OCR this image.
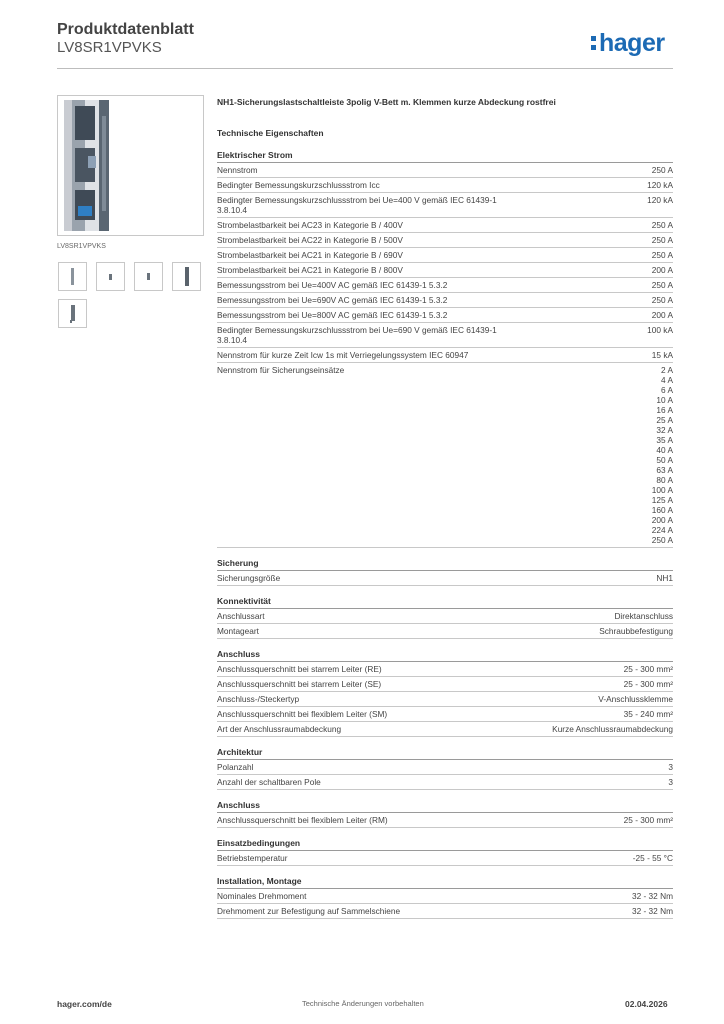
Produktdatenblatt
LV8SR1VPVKS	hager
LV8SR1VPVKS
NH1-Sicherungslastschaltleiste 3polig V-Bett m. Klemmen kurze Abdeckung rostfrei
Technische Eigenschaften
Elektrischer Strom
Nennstrom	250 A
Bedingter Bemessungskurzschlussstrom Icc	120 kA
Bedingter Bemessungskurzschlussstrom bei Ue=400 V gemäß IEC 61439-1 3.8.10.4
120 kA
Strombelastbarkeit bei AC23 in Kategorie B / 400V	250 A
Strombelastbarkeit bei AC22 in Kategorie B / 500V	250 A
Strombelastbarkeit bei AC21 in Kategorie B / 690V	250 A
Strombelastbarkeit bei AC21 in Kategorie B / 800V	200 A
Bemessungsstrom bei Ue=400V AC gemäß IEC 61439-1 5.3.2	250 A
Bemessungsstrom bei Ue=690V AC gemäß IEC 61439-1 5.3.2	250 A
Bemessungsstrom bei Ue=800V AC gemäß IEC 61439-1 5.3.2	200 A
Bedingter Bemessungskurzschlussstrom bei Ue=690 V gemäß IEC 61439-1 3.8.10.4
100 kA
Nennstrom für kurze Zeit Icw 1s mit Verriegelungssystem IEC 60947	15 kA
Nennstrom für Sicherungseinsätze	2 A
4 A
6 A
10 A
16 A
25 A
32 A
35 A
40 A
50 A
63 A
80 A
100 A
125 A
160 A
200 A
224 A
250 A
Sicherung
Sicherungsgröße	NH1
Konnektivität
Anschlussart	Direktanschluss
Montageart	Schraubbefestigung
Anschluss
Anschlussquerschnitt bei starrem Leiter (RE)	25 - 300 mm²
Anschlussquerschnitt bei starrem Leiter (SE)	25 - 300 mm²
Anschluss-/Steckertyp	V-Anschlussklemme
Anschlussquerschnitt bei flexiblem Leiter (SM)	35 - 240 mm²
Art der Anschlussraumabdeckung	Kurze Anschlussraumabdeckung
Architektur
Polanzahl	3
Anzahl der schaltbaren Pole	3
Anschluss
Anschlussquerschnitt bei flexiblem Leiter (RM)	25 - 300 mm²
Einsatzbedingungen
Betriebstemperatur	-25 - 55 °C
Installation, Montage
Nominales Drehmoment	32 - 32 Nm
Drehmoment zur Befestigung auf Sammelschiene	32 - 32 Nm
hager.com/de	Technische Änderungen vorbehalten	02.04.2026
